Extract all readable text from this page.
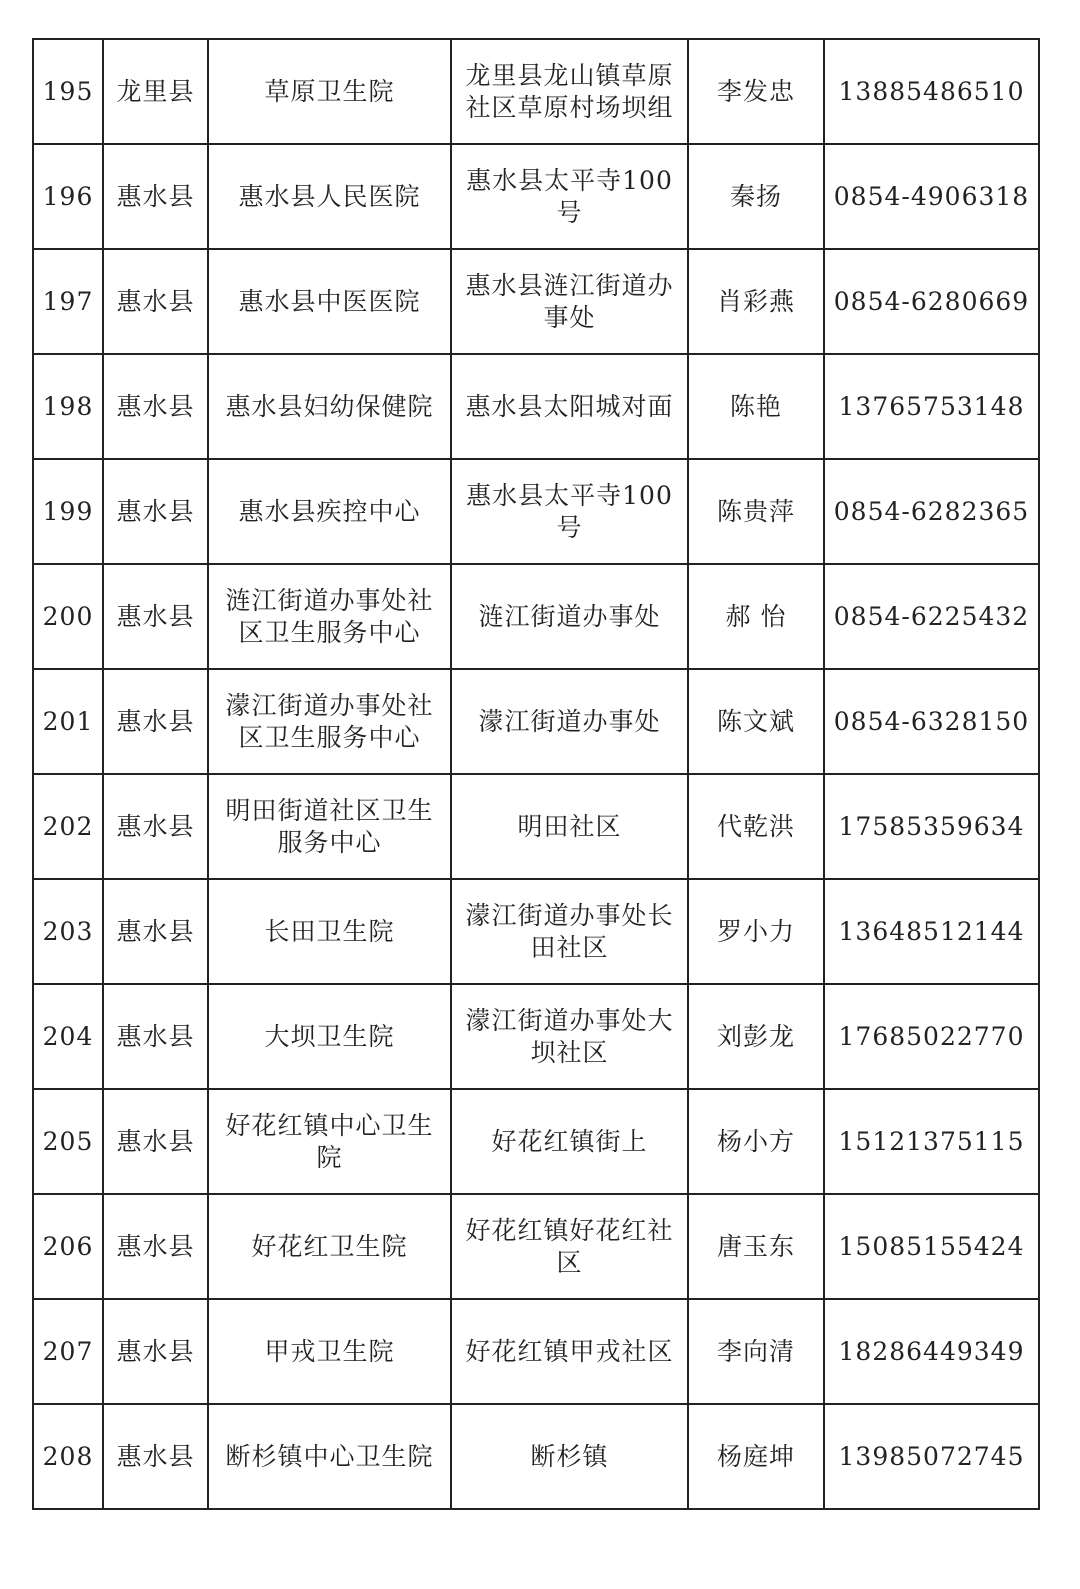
195	龙里县	草原卫生院	龙里县龙山镇草原社区草原村场坝组	李发忠	13885486510
196	惠水县	惠水县人民医院	惠水县太平寺100号	秦扬	0854-4906318
197	惠水县	惠水县中医医院	惠水县涟江街道办事处	肖彩燕	0854-6280669
198	惠水县	惠水县妇幼保健院	惠水县太阳城对面	陈艳	13765753148
199	惠水县	惠水县疾控中心	惠水县太平寺100号	陈贵萍	0854-6282365
200	惠水县	涟江街道办事处社区卫生服务中心	涟江街道办事处	郝 怡	0854-6225432
201	惠水县	濛江街道办事处社区卫生服务中心	濛江街道办事处	陈文斌	0854-6328150
202	惠水县	明田街道社区卫生服务中心	明田社区	代乾洪	17585359634
203	惠水县	长田卫生院	濛江街道办事处长田社区	罗小力	13648512144
204	惠水县	大坝卫生院	濛江街道办事处大坝社区	刘彭龙	17685022770
205	惠水县	好花红镇中心卫生院	好花红镇街上	杨小方	15121375115
206	惠水县	好花红卫生院	好花红镇好花红社区	唐玉东	15085155424
207	惠水县	甲戎卫生院	好花红镇甲戎社区	李向清	18286449349
208	惠水县	断杉镇中心卫生院	断杉镇	杨庭坤	13985072745
